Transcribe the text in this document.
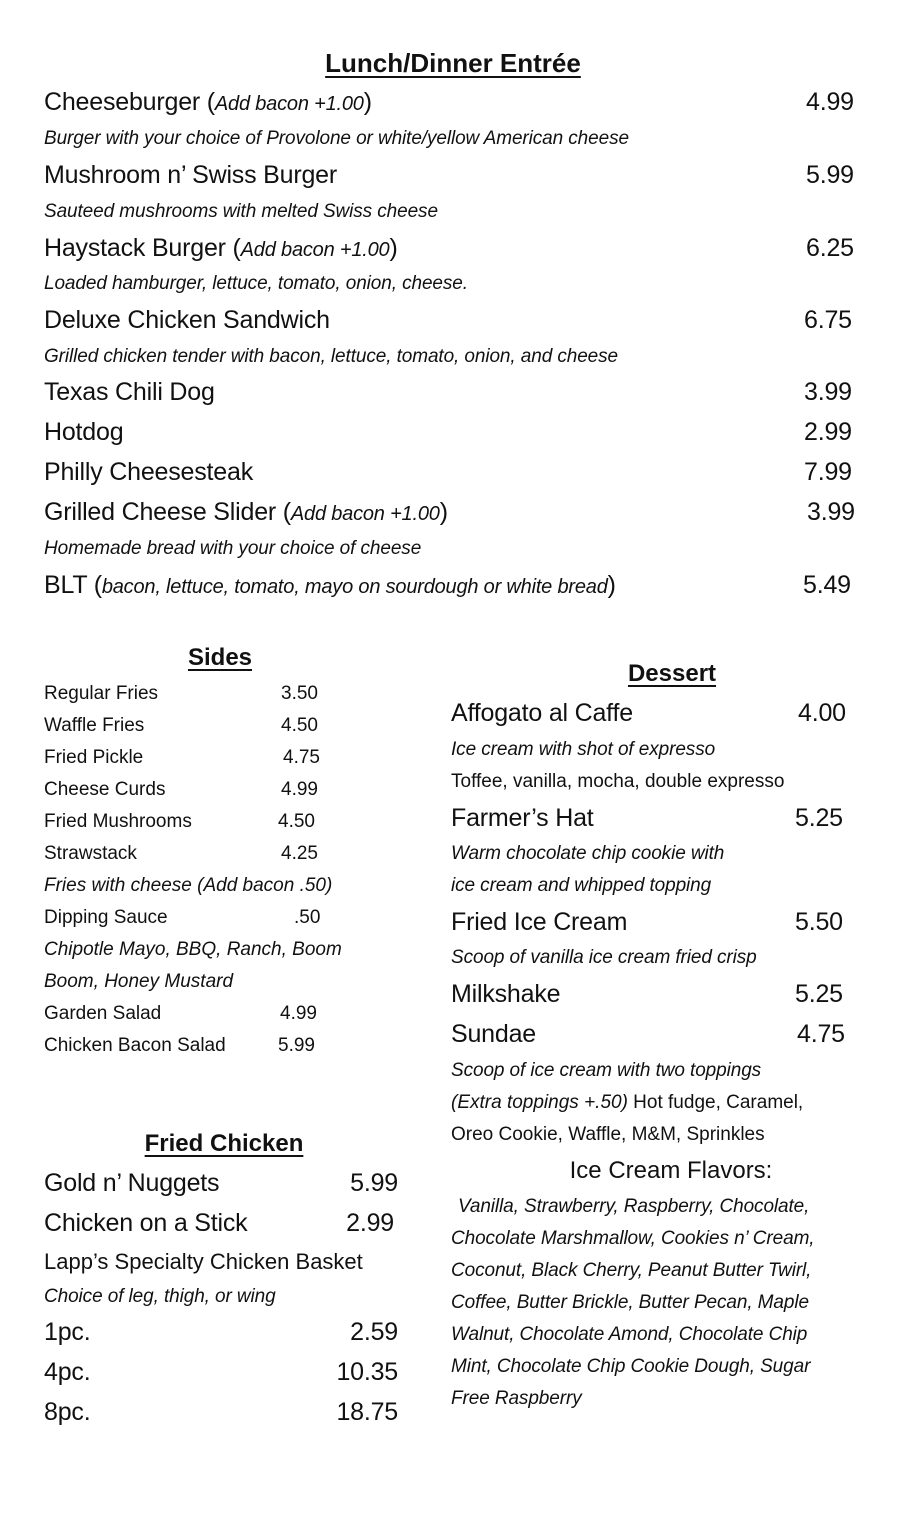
Lunch/Dinner Entrée
Cheeseburger (Add bacon +1.00)	4.99
Burger with your choice of Provolone or white/yellow American cheese
Mushroom n’ Swiss Burger	5.99
Sauteed mushrooms with melted Swiss cheese
Haystack Burger (Add bacon +1.00)	6.25
Loaded hamburger, lettuce, tomato, onion, cheese.
Deluxe Chicken Sandwich	6.75
Grilled chicken tender with bacon, lettuce, tomato, onion, and cheese
Texas Chili Dog	3.99
Hotdog	2.99
Philly Cheesesteak	7.99
Grilled Cheese Slider (Add bacon +1.00)	3.99
Homemade bread with your choice of cheese
BLT (bacon, lettuce, tomato, mayo on sourdough or white bread)	5.49
Sides
Regular Fries	3.50
Waffle Fries	4.50
Fried Pickle	4.75
Cheese Curds	4.99
Fried Mushrooms	4.50
Strawstack	4.25
Fries with cheese (Add bacon .50)
Dipping Sauce	.50
Chipotle Mayo, BBQ, Ranch, Boom
Boom, Honey Mustard
Garden Salad	4.99
Chicken Bacon Salad	5.99
Fried Chicken
Gold n’ Nuggets	5.99
Chicken on a Stick	2.99
Lapp’s Specialty Chicken Basket
Choice of leg, thigh, or wing
1pc.	2.59
4pc.	10.35
8pc.	18.75
Dessert
Affogato al Caffe	4.00
Ice cream with shot of expresso
Toffee, vanilla, mocha, double expresso
Farmer’s Hat	5.25
Warm chocolate chip cookie with
ice cream and whipped topping
Fried Ice Cream	5.50
Scoop of vanilla ice cream fried crisp
Milkshake	5.25
Sundae	4.75
Scoop of ice cream with two toppings
(Extra toppings +.50) Hot fudge, Caramel,
Oreo Cookie, Waffle, M&M, Sprinkles
Ice Cream Flavors:
Vanilla, Strawberry, Raspberry, Chocolate,
Chocolate Marshmallow, Cookies n’ Cream,
Coconut, Black Cherry, Peanut Butter Twirl,
Coffee, Butter Brickle, Butter Pecan, Maple
Walnut, Chocolate Amond, Chocolate Chip
Mint, Chocolate Chip Cookie Dough, Sugar
Free Raspberry
